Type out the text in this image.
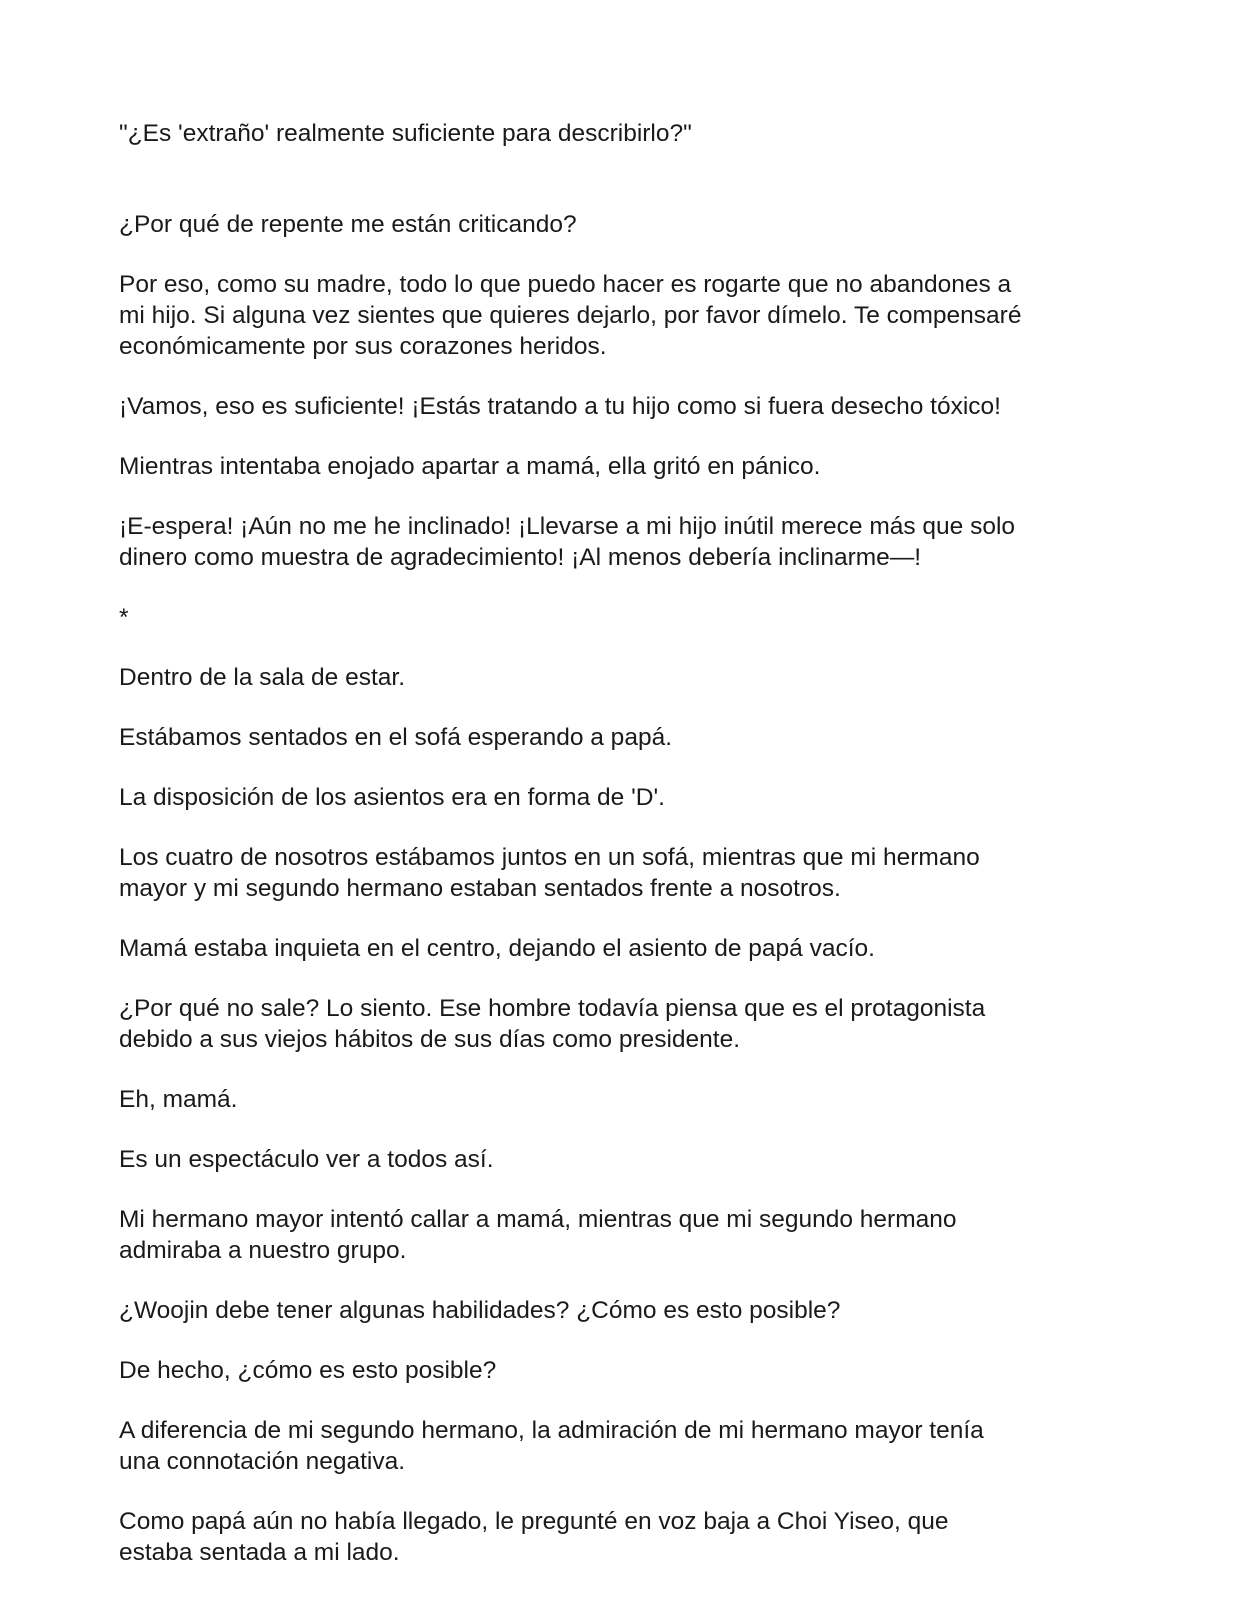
"¿Es 'extraño' realmente suficiente para describirlo?"

¿Por qué de repente me están criticando?

Por eso, como su madre, todo lo que puedo hacer es rogarte que no abandones a
mi hijo. Si alguna vez sientes que quieres dejarlo, por favor dímelo. Te compensaré
económicamente por sus corazones heridos.

¡Vamos, eso es suficiente! ¡Estás tratando a tu hijo como si fuera desecho tóxico!

Mientras intentaba enojado apartar a mamá, ella gritó en pánico.

¡E-espera! ¡Aún no me he inclinado! ¡Llevarse a mi hijo inútil merece más que solo
dinero como muestra de agradecimiento! ¡Al menos debería inclinarme—!

*

Dentro de la sala de estar.

Estábamos sentados en el sofá esperando a papá.

La disposición de los asientos era en forma de 'D'.

Los cuatro de nosotros estábamos juntos en un sofá, mientras que mi hermano
mayor y mi segundo hermano estaban sentados frente a nosotros.

Mamá estaba inquieta en el centro, dejando el asiento de papá vacío.

¿Por qué no sale? Lo siento. Ese hombre todavía piensa que es el protagonista
debido a sus viejos hábitos de sus días como presidente.

Eh, mamá.

Es un espectáculo ver a todos así.

Mi hermano mayor intentó callar a mamá, mientras que mi segundo hermano
admiraba a nuestro grupo.

¿Woojin debe tener algunas habilidades? ¿Cómo es esto posible?

De hecho, ¿cómo es esto posible?

A diferencia de mi segundo hermano, la admiración de mi hermano mayor tenía
una connotación negativa.

Como papá aún no había llegado, le pregunté en voz baja a Choi Yiseo, que
estaba sentada a mi lado.
